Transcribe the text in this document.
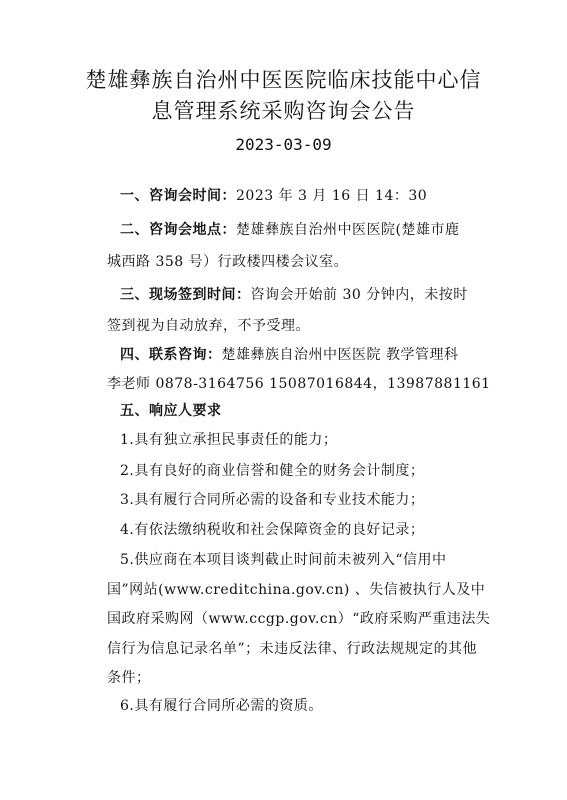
楚雄彝族自治州中医医院临床技能中心信
息管理系统采购咨询会公告
2023-03-09
一、咨询会时间：2023 年 3 月 16 日 14：30
二、咨询会地点：楚雄彝族自治州中医医院(楚雄市鹿
城西路 358 号）行政楼四楼会议室。
三、现场签到时间：咨询会开始前 30 分钟内，未按时
签到视为自动放弃，不予受理。
四、联系咨询：楚雄彝族自治州中医医院 教学管理科
李老师 0878-3164756 15087016844，13987881161
五、响应人要求
1.具有独立承担民事责任的能力；
2.具有良好的商业信誉和健全的财务会计制度；
3.具有履行合同所必需的设备和专业技术能力；
4.有依法缴纳税收和社会保障资金的良好记录；
5.供应商在本项目谈判截止时间前未被列入“信用中
国”网站(www.creditchina.gov.cn) 、失信被执行人及中
国政府采购网（www.ccgp.gov.cn）“政府采购严重违法失
信行为信息记录名单”；未违反法律、行政法规规定的其他
条件；
6.具有履行合同所必需的资质。
